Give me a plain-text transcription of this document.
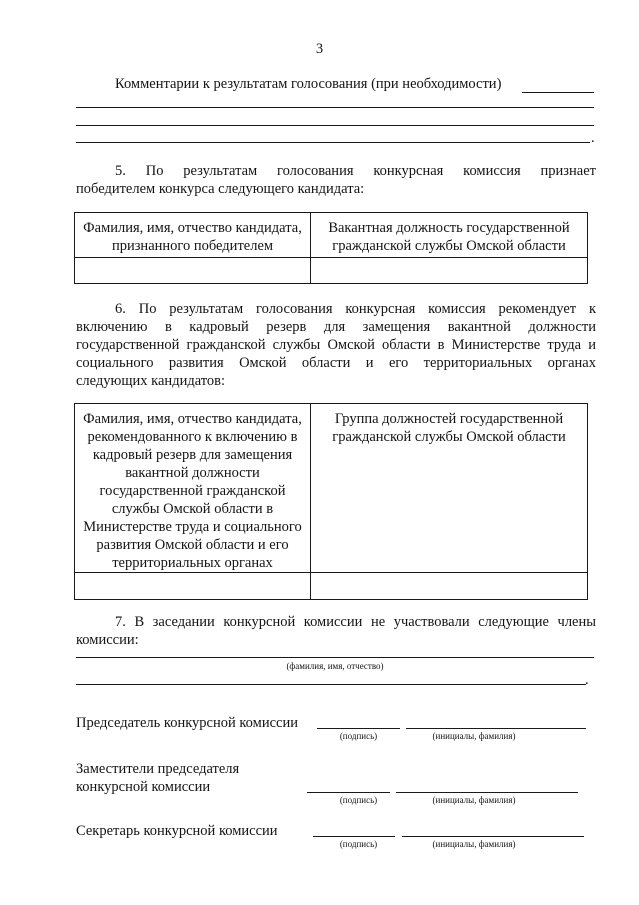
3
Комментарии к результатам голосования (при необходимости)
.
5. По результатам голосования конкурсная комиссия признает
победителем конкурса следующего кандидата:
Фамилия, имя, отчество кандидата, признанного победителем	Вакантная должность государственной гражданской службы Омской области

6. По результатам голосования конкурсная комиссия рекомендует к
включению в кадровый резерв для замещения вакантной должности
государственной гражданской службы Омской области в Министерстве труда и
социального развития Омской области и его территориальных органах
следующих кандидатов:
Фамилия, имя, отчество кандидата, рекомендованного к включению в кадровый резерв для замещения вакантной должности государственной гражданской службы Омской области в Министерстве труда и социального развития Омской области и его территориальных органах	Группа должностей государственной гражданской службы Омской области

7. В заседании конкурсной комиссии не участвовали следующие члены
комиссии:
(фамилия, имя, отчество)
.
Председатель конкурсной комиссии
(подпись)	(инициалы, фамилия)
Заместители председателя
конкурсной комиссии
(подпись)	(инициалы, фамилия)
Секретарь конкурсной комиссии
(подпись)	(инициалы, фамилия)
